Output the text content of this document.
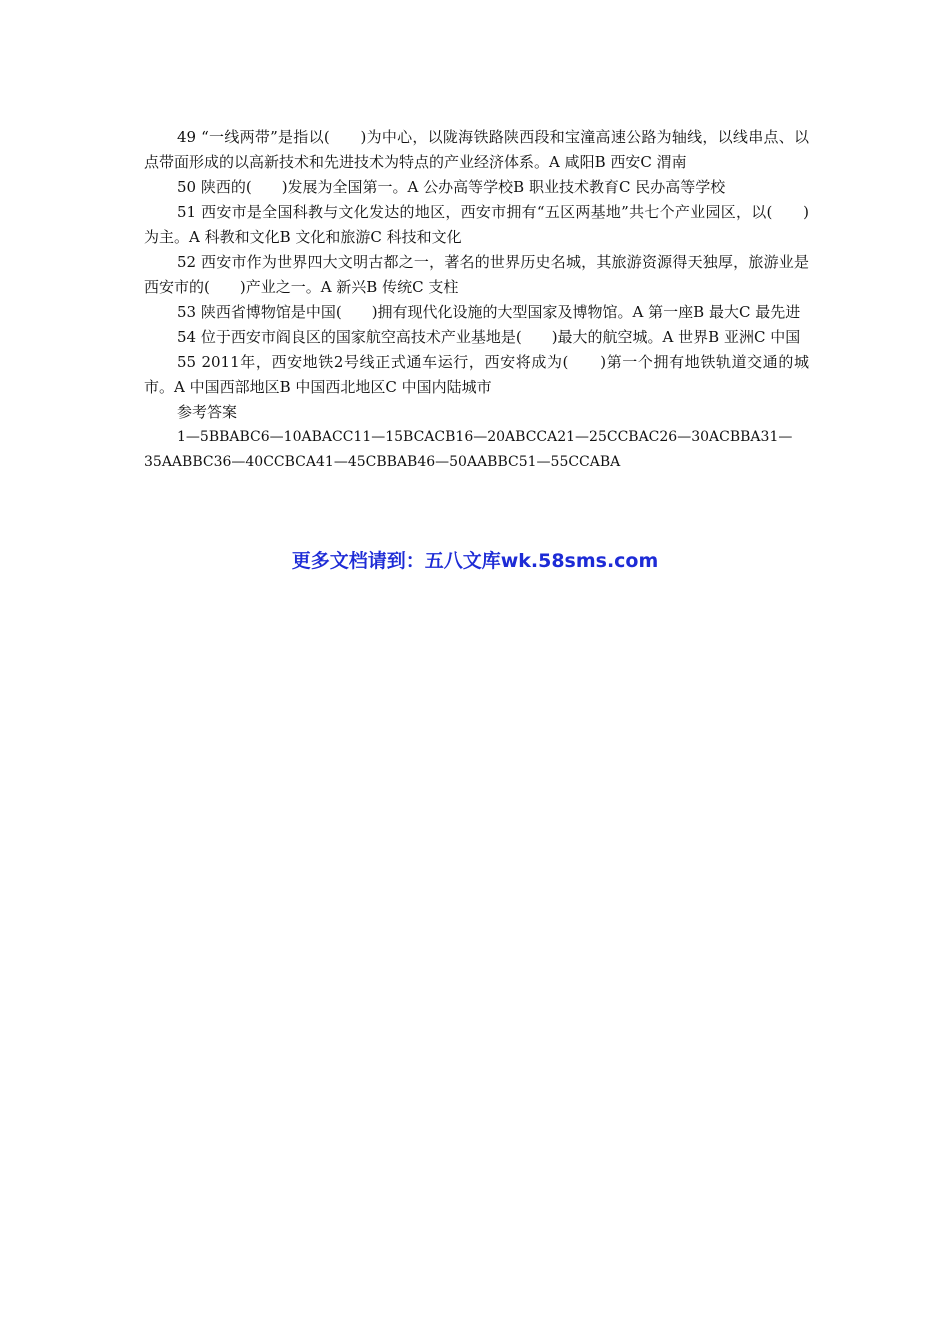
49 “一线两带”是指以(　　)为中心，以陇海铁路陕西段和宝潼高速公路为轴线，以线串点、以点带面形成的以高新技术和先进技术为特点的产业经济体系。A 咸阳B 西安C 渭南

50 陕西的(　　)发展为全国第一。A 公办高等学校B 职业技术教育C 民办高等学校

51 西安市是全国科教与文化发达的地区，西安市拥有“五区两基地”共七个产业园区，以(　　)为主。A 科教和文化B 文化和旅游C 科技和文化

52 西安市作为世界四大文明古都之一，著名的世界历史名城，其旅游资源得天独厚，旅游业是西安市的(　　)产业之一。A 新兴B 传统C 支柱

53 陕西省博物馆是中国(　　)拥有现代化设施的大型国家及博物馆。A 第一座B 最大C 最先进

54 位于西安市阎良区的国家航空高技术产业基地是(　　)最大的航空城。A 世界B 亚洲C 中国

55 2011年，西安地铁2号线正式通车运行，西安将成为(　　)第一个拥有地铁轨道交通的城市。A 中国西部地区B 中国西北地区C 中国内陆城市

参考答案

1—5BBABC6—10ABACC11—15BCACB16—20ABCCA21—25CCBAC26—30ACBBA31—

35AABBC36—40CCBCA41—45CBBAB46—50AABBC51—55CCABA

更多文档请到：五八文库wk.58sms.com
